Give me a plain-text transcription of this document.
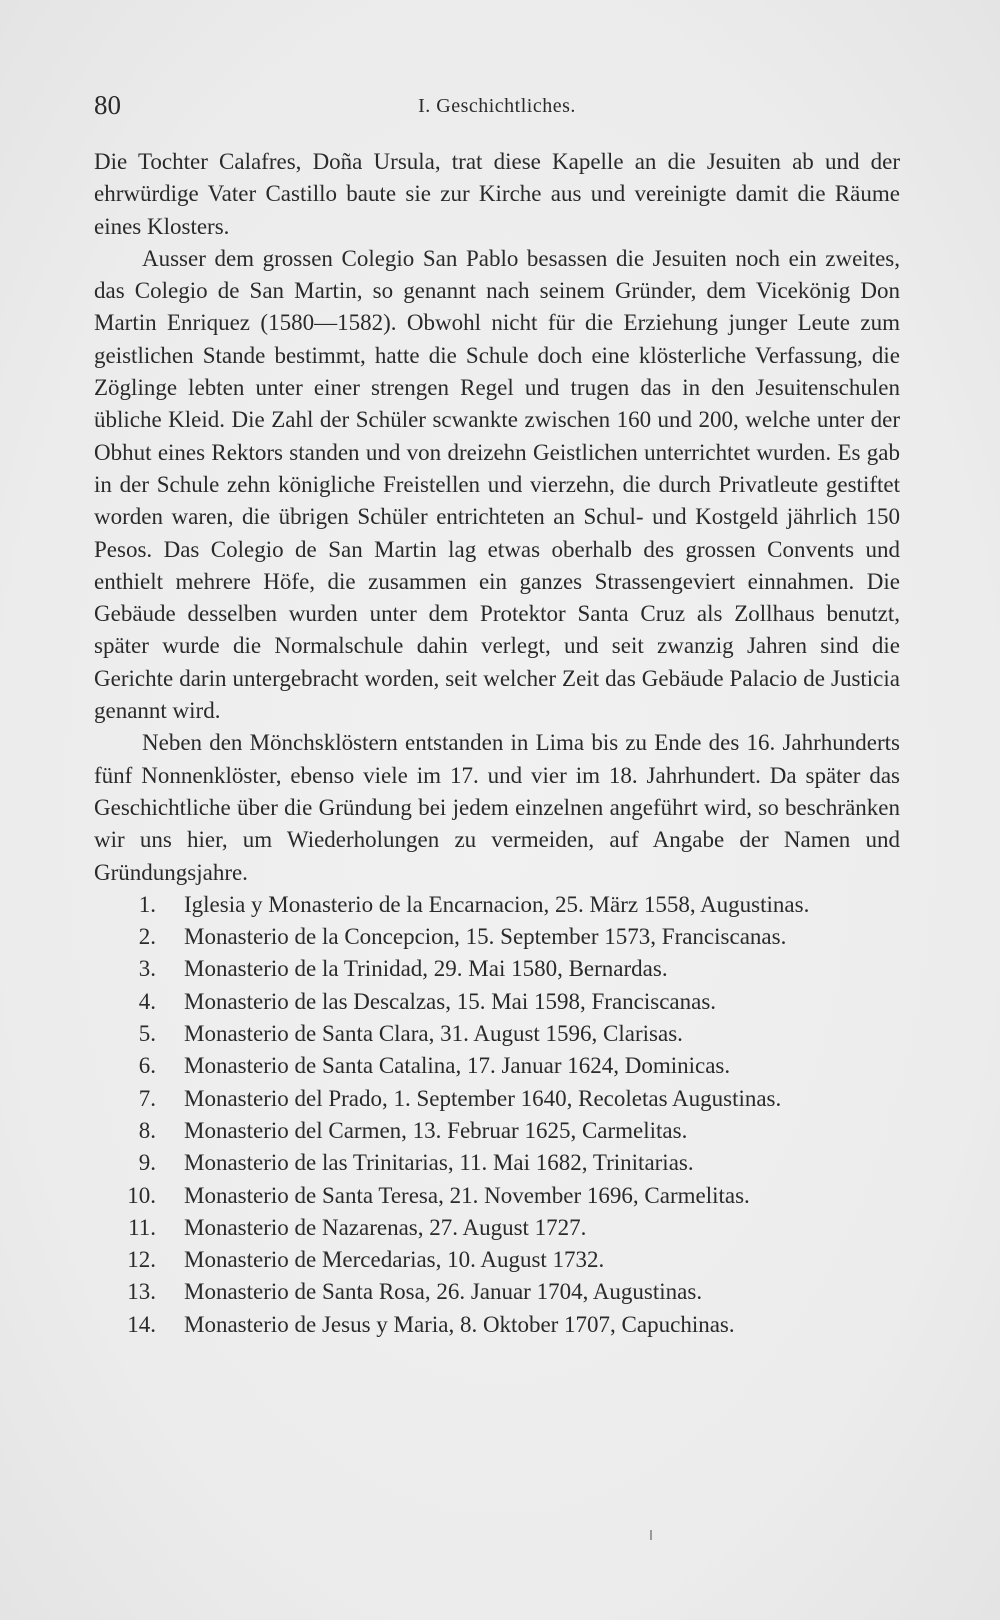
80	I. Geschichtliches.

Die Tochter Calafres, Doña Ursula, trat diese Kapelle an die Jesuiten ab und der ehrwürdige Vater Castillo baute sie zur Kirche aus und vereinigte damit die Räume eines Klosters.

Ausser dem grossen Colegio San Pablo besassen die Jesuiten noch ein zweites, das Colegio de San Martin, so genannt nach seinem Gründer, dem Vicekönig Don Martin Enriquez (1580—1582). Obwohl nicht für die Erziehung junger Leute zum geistlichen Stande bestimmt, hatte die Schule doch eine klösterliche Verfassung, die Zöglinge lebten unter einer strengen Regel und trugen das in den Jesuitenschulen übliche Kleid. Die Zahl der Schüler scwankte zwischen 160 und 200, welche unter der Obhut eines Rektors standen und von dreizehn Geistlichen unterrichtet wurden. Es gab in der Schule zehn königliche Freistellen und vierzehn, die durch Privatleute gestiftet worden waren, die übrigen Schüler entrichteten an Schul- und Kostgeld jährlich 150 Pesos. Das Colegio de San Martin lag etwas oberhalb des grossen Convents und enthielt mehrere Höfe, die zusammen ein ganzes Strassengeviert einnahmen. Die Gebäude desselben wurden unter dem Protektor Santa Cruz als Zollhaus benutzt, später wurde die Normalschule dahin verlegt, und seit zwanzig Jahren sind die Gerichte darin untergebracht worden, seit welcher Zeit das Gebäude Palacio de Justicia genannt wird.

Neben den Mönchsklöstern entstanden in Lima bis zu Ende des 16. Jahrhunderts fünf Nonnenklöster, ebenso viele im 17. und vier im 18. Jahrhundert. Da später das Geschichtliche über die Gründung bei jedem einzelnen angeführt wird, so beschränken wir uns hier, um Wiederholungen zu vermeiden, auf Angabe der Namen und Gründungsjahre.

1. Iglesia y Monasterio de la Encarnacion, 25. März 1558, Augustinas.
2. Monasterio de la Concepcion, 15. September 1573, Franciscanas.
3. Monasterio de la Trinidad, 29. Mai 1580, Bernardas.
4. Monasterio de las Descalzas, 15. Mai 1598, Franciscanas.
5. Monasterio de Santa Clara, 31. August 1596, Clarisas.
6. Monasterio de Santa Catalina, 17. Januar 1624, Dominicas.
7. Monasterio del Prado, 1. September 1640, Recoletas Augustinas.
8. Monasterio del Carmen, 13. Februar 1625, Carmelitas.
9. Monasterio de las Trinitarias, 11. Mai 1682, Trinitarias.
10. Monasterio de Santa Teresa, 21. November 1696, Carmelitas.
11. Monasterio de Nazarenas, 27. August 1727.
12. Monasterio de Mercedarias, 10. August 1732.
13. Monasterio de Santa Rosa, 26. Januar 1704, Augustinas.
14. Monasterio de Jesus y Maria, 8. Oktober 1707, Capuchinas.
